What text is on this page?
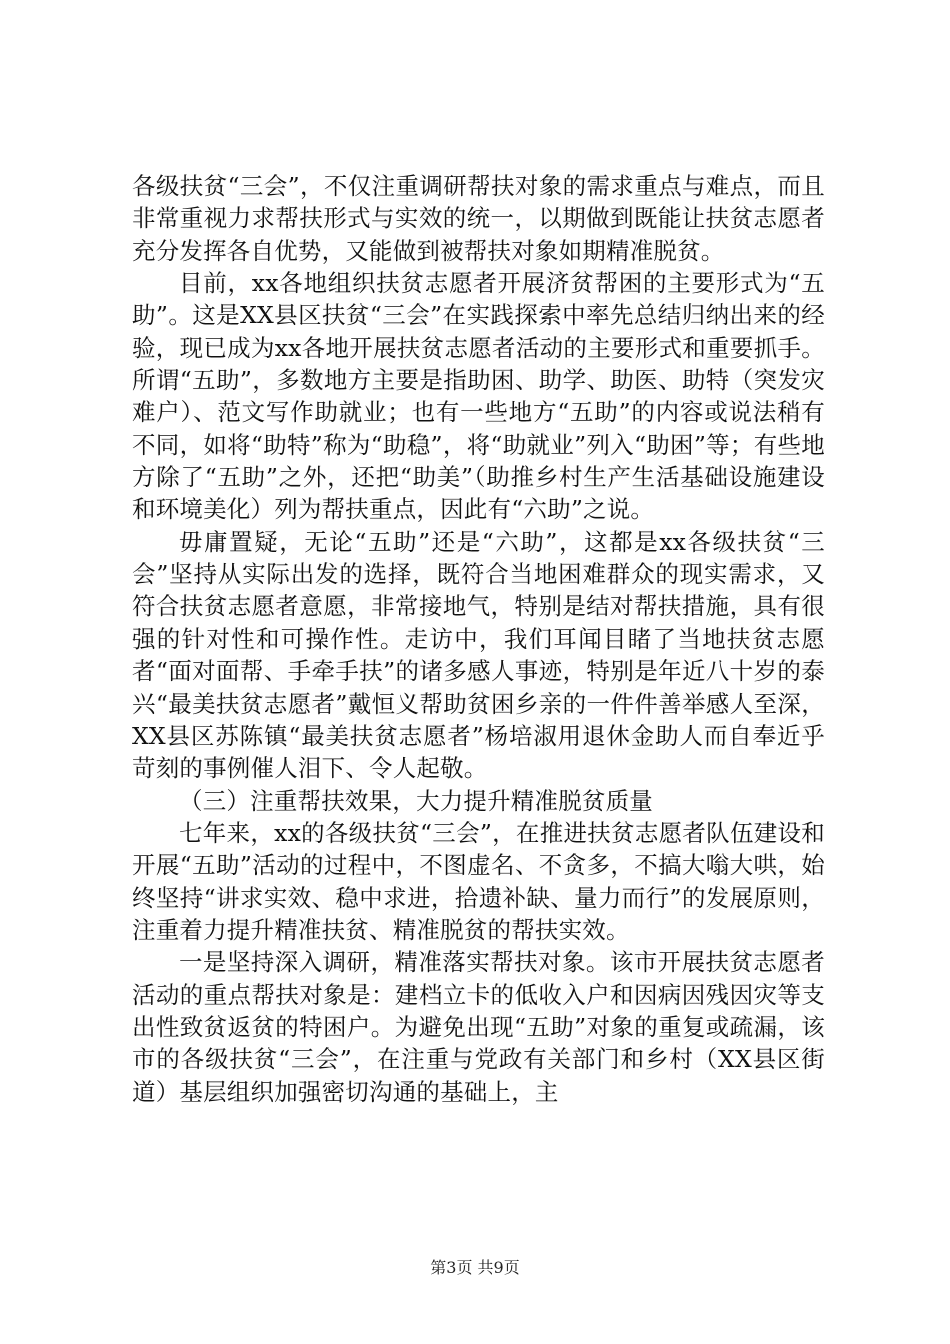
各级扶贫“三会”，不仅注重调研帮扶对象的需求重点与难点，而且非常重视力求帮扶形式与实效的统一，以期做到既能让扶贫志愿者充分发挥各自优势，又能做到被帮扶对象如期精准脱贫。

目前，xx各地组织扶贫志愿者开展济贫帮困的主要形式为“五助”。这是XX县区扶贫“三会”在实践探索中率先总结归纳出来的经验，现已成为xx各地开展扶贫志愿者活动的主要形式和重要抓手。所谓“五助”，多数地方主要是指助困、助学、助医、助特（突发灾难户）、范文写作助就业；也有一些地方“五助”的内容或说法稍有不同，如将“助特”称为“助稳”，将“助就业”列入“助困”等；有些地方除了“五助”之外，还把“助美”（助推乡村生产生活基础设施建设和环境美化）列为帮扶重点，因此有“六助”之说。

毋庸置疑，无论“五助”还是“六助”，这都是xx各级扶贫“三会”坚持从实际出发的选择，既符合当地困难群众的现实需求，又符合扶贫志愿者意愿，非常接地气，特别是结对帮扶措施，具有很强的针对性和可操作性。走访中，我们耳闻目睹了当地扶贫志愿者“面对面帮、手牵手扶”的诸多感人事迹，特别是年近八十岁的泰兴“最美扶贫志愿者”戴恒义帮助贫困乡亲的一件件善举感人至深，XX县区苏陈镇“最美扶贫志愿者”杨培淑用退休金助人而自奉近乎苛刻的事例催人泪下、令人起敬。

（三）注重帮扶效果，大力提升精准脱贫质量

七年来，xx的各级扶贫“三会”，在推进扶贫志愿者队伍建设和开展“五助”活动的过程中，不图虚名、不贪多，不搞大嗡大哄，始终坚持“讲求实效、稳中求进，拾遗补缺、量力而行”的发展原则，注重着力提升精准扶贫、精准脱贫的帮扶实效。

一是坚持深入调研，精准落实帮扶对象。该市开展扶贫志愿者活动的重点帮扶对象是：建档立卡的低收入户和因病因残因灾等支出性致贫返贫的特困户。为避免出现“五助”对象的重复或疏漏，该市的各级扶贫“三会”，在注重与党政有关部门和乡村（XX县区街道）基层组织加强密切沟通的基础上，主

第3页 共9页
